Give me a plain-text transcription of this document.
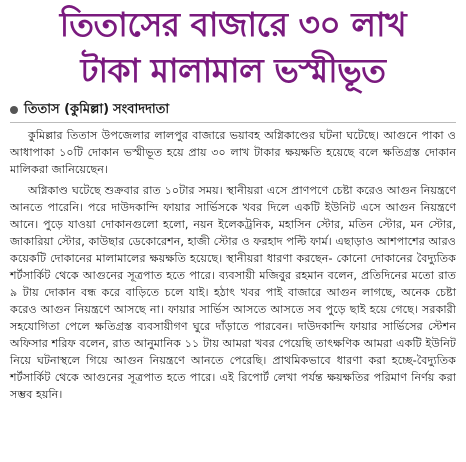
তিতাসের বাজারে ৩০ লাখ
টাকা মালামাল ভস্মীভূত
তিতাস (কুমিল্লা) সংবাদদাতা

কুমিল্লার তিতাস উপজেলার লালপুর বাজারে ভয়াবহ অগ্নিকাণ্ডের ঘটনা ঘটেছে। আগুনে পাকা ও আধাপাকা ১০টি দোকান ভস্মীভূত হয়ে প্রায় ৩০ লাখ টাকার ক্ষয়ক্ষতি হয়েছে বলে ক্ষতিগ্রস্ত দোকান মালিকরা জানিয়েছেন।

অগ্নিকাণ্ড ঘটেছে শুক্রবার রাত ১০টার সময়। স্থানীয়রা এসে প্রাণপণে চেষ্টা করেও আগুন নিয়ন্ত্রণে আনতে পারেনি। পরে দাউদকান্দি ফায়ার সার্ভিসকে খবর দিলে একটি ইউনিট এসে আগুন নিয়ন্ত্রণে আনে। পুড়ে যাওয়া দোকানগুলো হলো, নয়ন ইলেকট্রনিক, মহাসিন স্টোর, মতিন স্টোর, মন স্টোর, জাকারিয়া স্টোর, কাউছার ডেকোরেশন, হাজী স্টোর ও ফরহাদ পল্টি ফার্ম। এছাড়াও আশপাশের আরও কয়েকটি দোকানের মালামালের ক্ষয়ক্ষতি হয়েছে। স্থানীয়রা ধারণা করছেন- কোনো দোকানের বৈদ্যুতিক শর্টসার্কিট থেকে আগুনের সূত্রপাত হতে পারে। ব্যবসায়ী মজিবুর রহমান বলেন, প্রতিদিনের মতো রাত ৯ টায় দোকান বন্ধ করে বাড়িতে চলে যাই। হঠাৎ খবর পাই বাজারে আগুন লাগছে, অনেক চেষ্টা করেও আগুন নিয়ন্ত্রণে আসছে না। ফায়ার সার্ভিস আসতে আসতে সব পুড়ে ছাই হয়ে গেছে। সরকারী সহযোগিতা পেলে ক্ষতিগ্রস্ত ব্যবসায়ীগণ ঘুরে দাঁড়াতে পারবেন। দাউদকান্দি ফায়ার সার্ভিসের স্টেশন অফিসার শরিফ বলেন, রাত আনুমানিক ১১ টায় আমরা খবর পেয়েছি তাৎক্ষণিক আমরা একটি ইউনিট নিয়ে ঘটনাস্থলে গিয়ে আগুন নিয়ন্ত্রণে আনতে পেরেছি। প্রাথমিকভাবে ধারণা করা হচ্ছে-বৈদ্যুতিক শর্টসার্কিট থেকে আগুনের সূত্রপাত হতে পারে। এই রিপোর্ট লেখা পর্যন্ত ক্ষয়ক্ষতির পরিমাণ নির্ণয় করা সম্ভব হয়নি।
